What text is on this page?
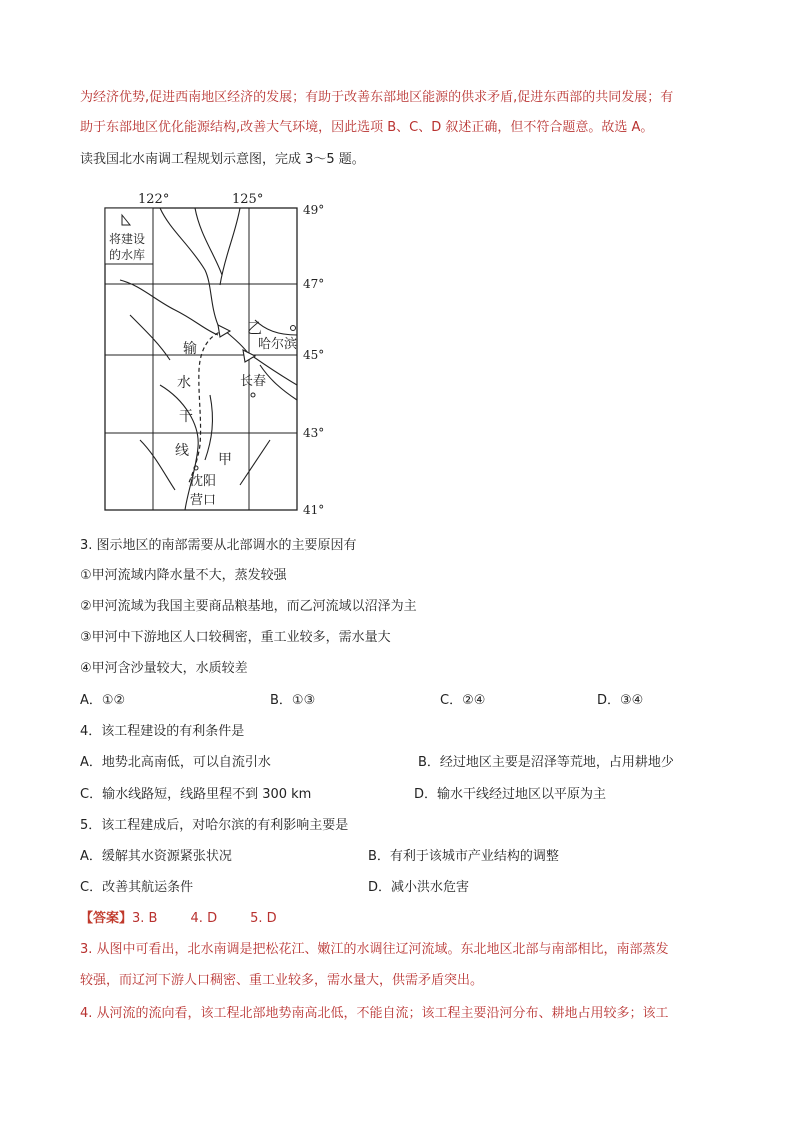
为经济优势,促进西南地区经济的发展；有助于改善东部地区能源的供求矛盾,促进东西部的共同发展；有
助于东部地区优化能源结构,改善大气环境，因此选项 B、C、D 叙述正确，但不符合题意。故选 A。
读我国北水南调工程规划示意图，完成 3～5 题。
122°	125°
49°
47°
45°
43°
41°
将建设
的水库
乙
哈尔滨
长春
甲
沈阳
营口
输
水
干
线
3. 图示地区的南部需要从北部调水的主要原因有
①甲河流域内降水量不大，蒸发较强
②甲河流域为我国主要商品粮基地，而乙河流域以沼泽为主
③甲河中下游地区人口较稠密，重工业较多，需水量大
④甲河含沙量较大，水质较差
A．①②	B．①③	C．②④	D．③④
4．该工程建设的有利条件是
A．地势北高南低，可以自流引水	B．经过地区主要是沼泽等荒地，占用耕地少
C．输水线路短，线路里程不到 300 km	D．输水干线经过地区以平原为主
5．该工程建成后，对哈尔滨的有利影响主要是
A．缓解其水资源紧张状况	B．有利于该城市产业结构的调整
C．改善其航运条件	D．减小洪水危害
【答案】3. B        4. D        5. D
3. 从图中可看出，北水南调是把松花江、嫩江的水调往辽河流域。东北地区北部与南部相比，南部蒸发
较强，而辽河下游人口稠密、重工业较多，需水量大，供需矛盾突出。
4. 从河流的流向看，该工程北部地势南高北低，不能自流；该工程主要沿河分布、耕地占用较多；该工
